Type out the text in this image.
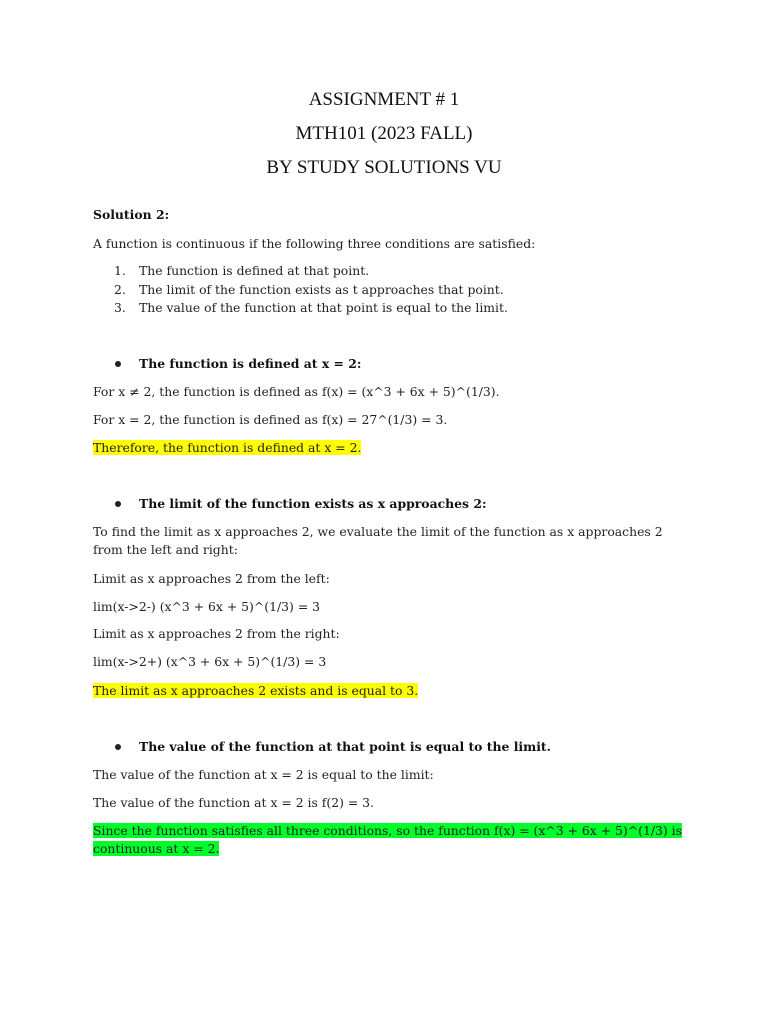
ASSIGNMENT # 1
MTH101 (2023 FALL)
BY STUDY SOLUTIONS VU
Solution 2:
A function is continuous if the following three conditions are satisfied:
1. The function is defined at that point.
2. The limit of the function exists as t approaches that point.
3. The value of the function at that point is equal to the limit.
The function is defined at x = 2:
For x ≠ 2, the function is defined as f(x) = (x^3 + 6x + 5)^(1/3).
For x = 2, the function is defined as f(x) = 27^(1/3) = 3.
Therefore, the function is defined at x = 2.
The limit of the function exists as x approaches 2:
To find the limit as x approaches 2, we evaluate the limit of the function as x approaches 2 from the left and right:
Limit as x approaches 2 from the left:
lim(x->2-) (x^3 + 6x + 5)^(1/3) = 3
Limit as x approaches 2 from the right:
lim(x->2+) (x^3 + 6x + 5)^(1/3) = 3
The limit as x approaches 2 exists and is equal to 3.
The value of the function at that point is equal to the limit.
The value of the function at x = 2 is equal to the limit:
The value of the function at x = 2 is f(2) = 3.
Since the function satisfies all three conditions, so the function f(x) = (x^3 + 6x + 5)^(1/3) is
continuous at x = 2.
